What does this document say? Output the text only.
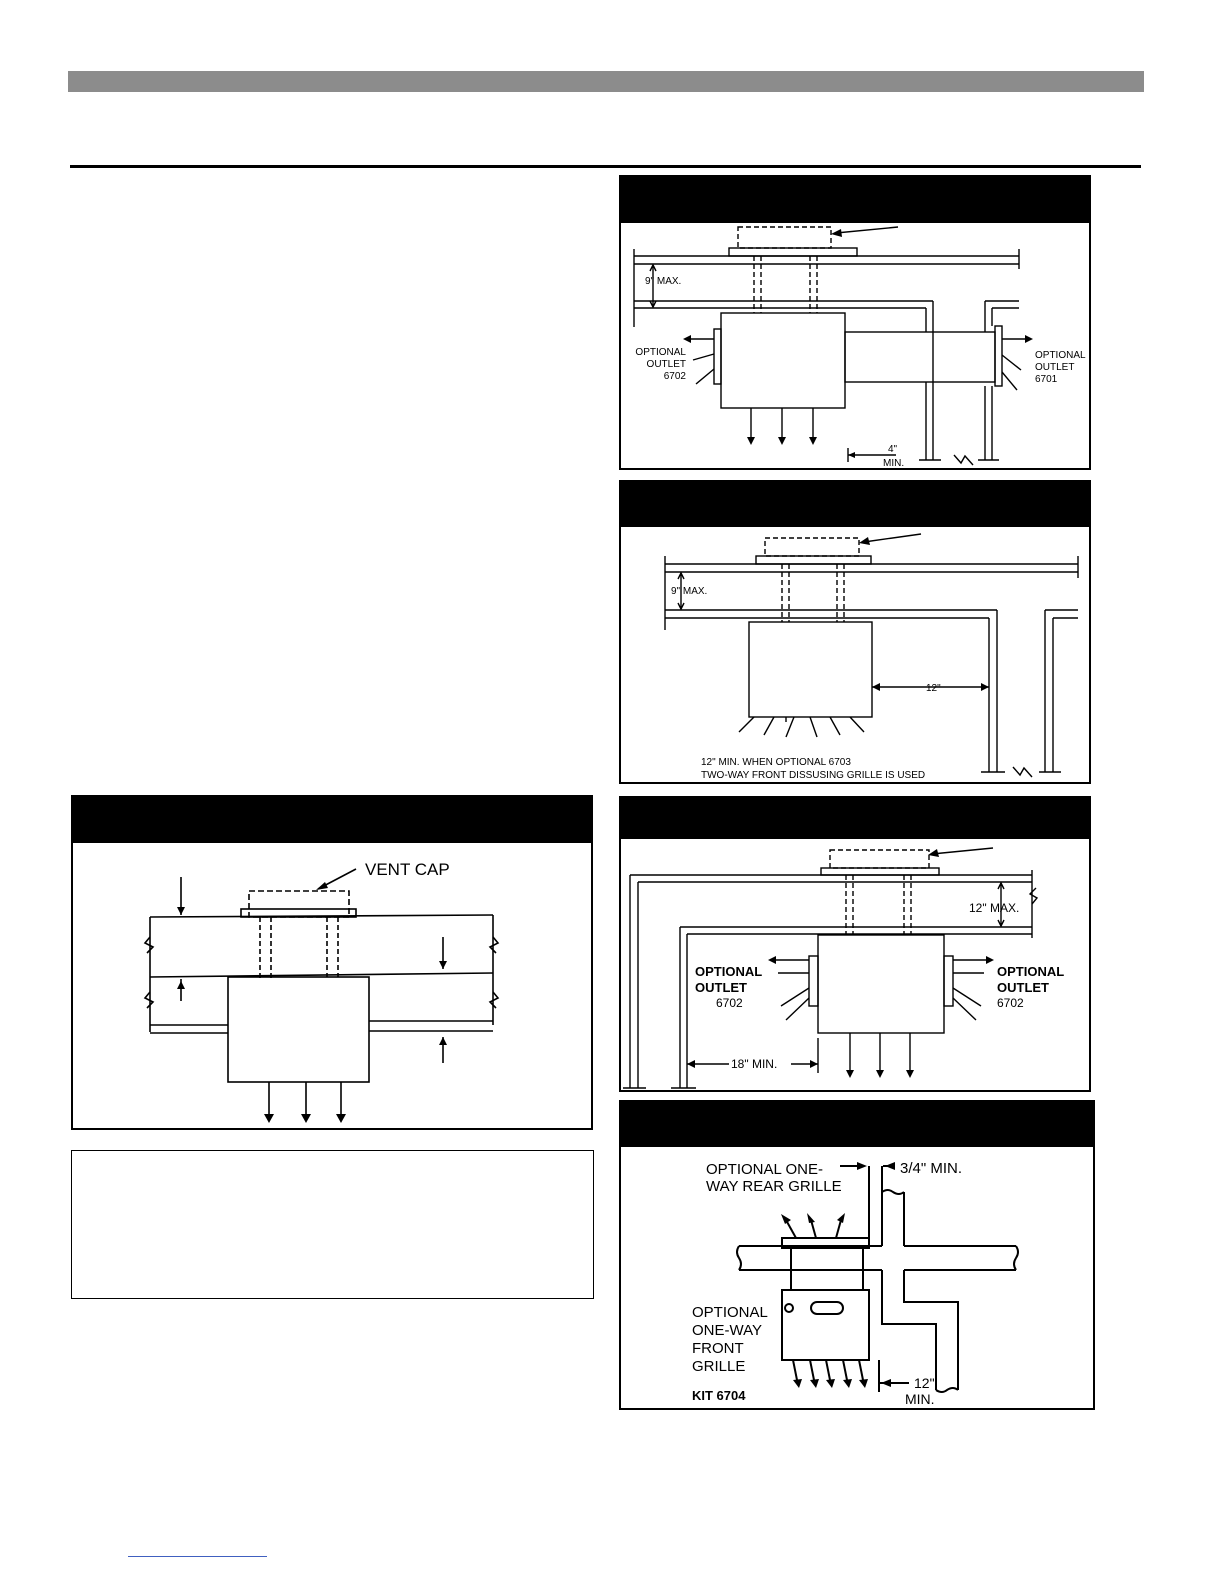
9" MAX.
OPTIONAL
OUTLET
6702
OPTIONAL
OUTLET
6701
4"
MIN.
9" MAX.
12"
12" MIN. WHEN OPTIONAL 6703
TWO-WAY FRONT DISSUSING GRILLE IS USED
VENT CAP
12" MAX.
OPTIONAL
OUTLET
6702
OPTIONAL
OUTLET
6702
18" MIN.
OPTIONAL ONE-
WAY REAR GRILLE
3/4" MIN.
OPTIONAL
ONE-WAY
FRONT
GRILLE
KIT 6704
12"
MIN.
